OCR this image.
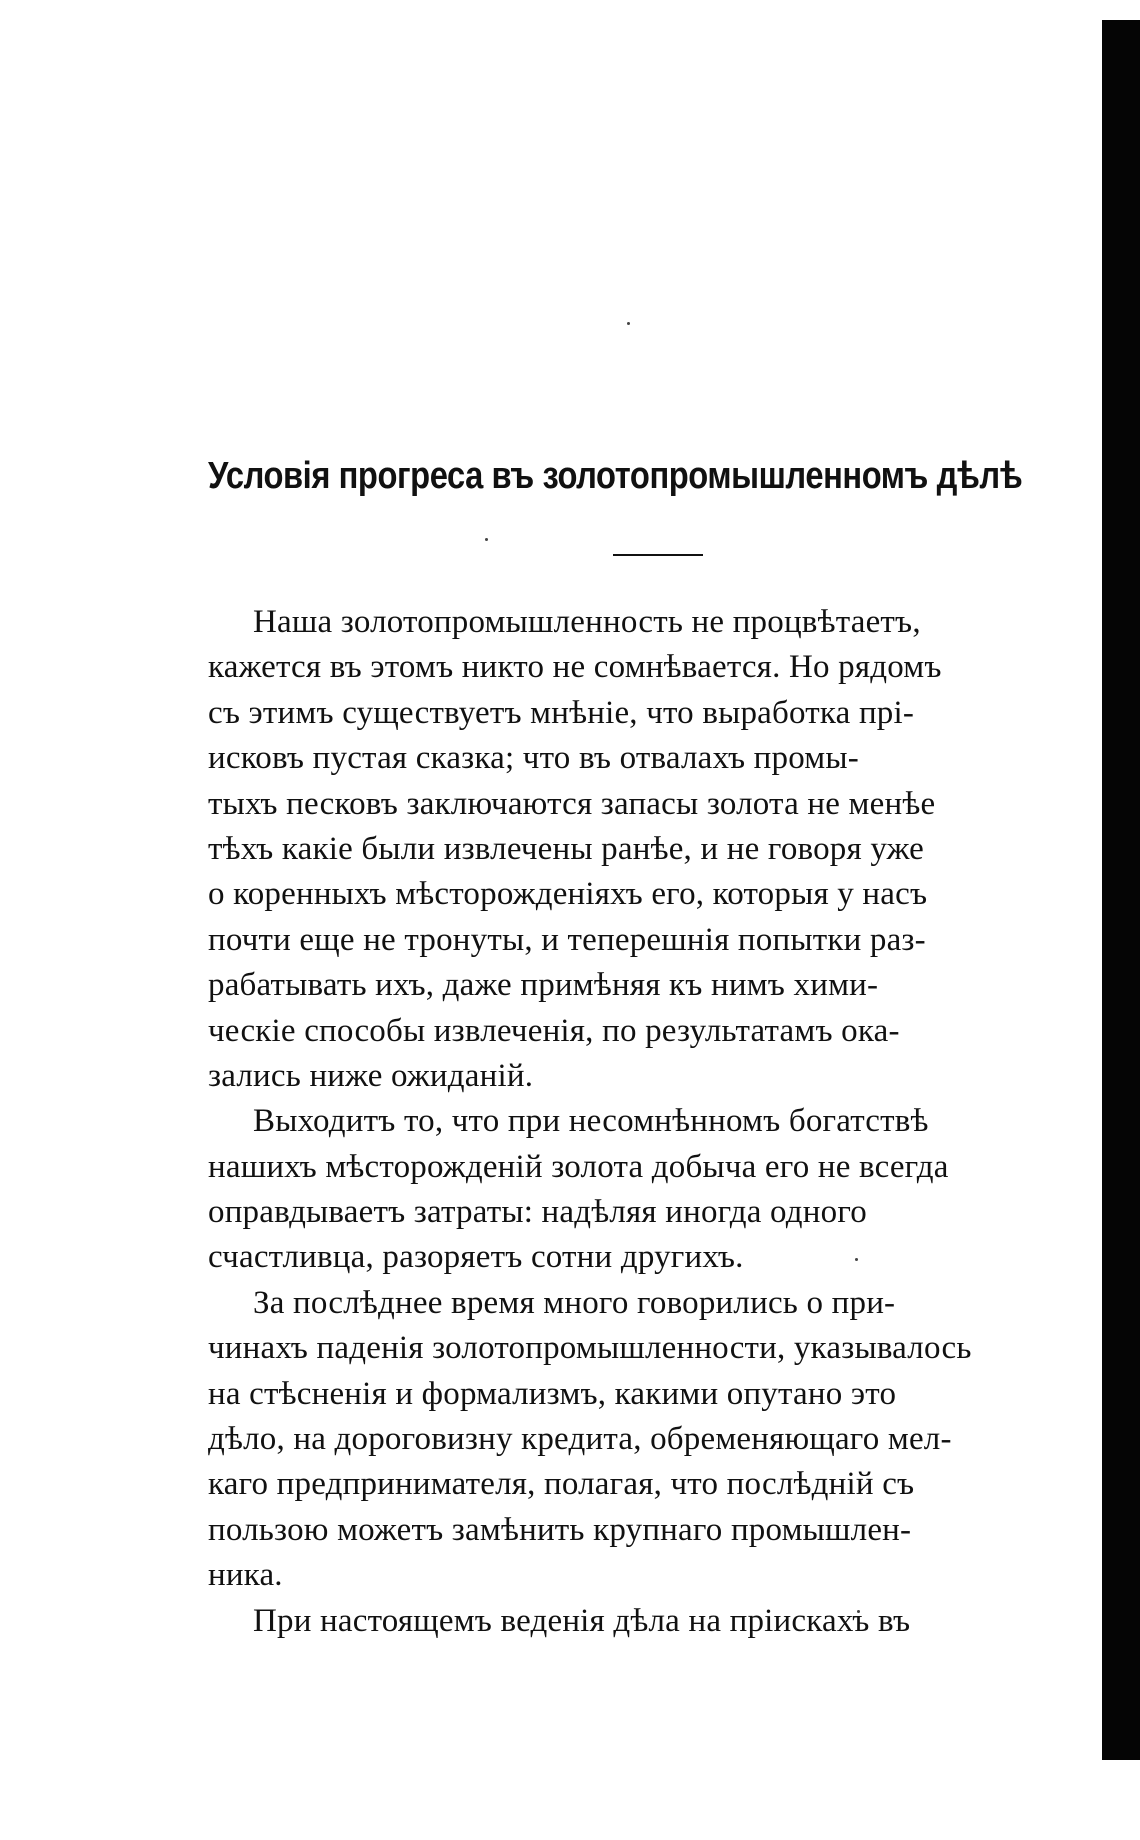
Условія прогреса въ золотопромышленномъ дѣлѣ
Наша золотопромышленность не процвѣтаетъ,
кажется въ этомъ никто не сомнѣвается. Но рядомъ
съ этимъ существуетъ мнѣніе, что выработка прі-
исковъ пустая сказка; что въ отвалахъ промы-
тыхъ песковъ заключаются запасы золота не менѣе
тѣхъ какіе были извлечены ранѣе, и не говоря уже
о коренныхъ мѣсторожденіяхъ его, которыя у насъ
почти еще не тронуты, и теперешнія попытки раз-
рабатывать ихъ, даже примѣняя къ нимъ хими-
ческіе способы извлеченія, по результатамъ ока-
зались ниже ожиданій.
Выходитъ то, что при несомнѣнномъ богатствѣ
нашихъ мѣсторожденій золота добыча его не всегда
оправдываетъ затраты: надѣляя иногда одного
счастливца, разоряетъ сотни другихъ.
За послѣднее время много говорились о при-
чинахъ паденія золотопромышленности, указывалось
на стѣсненія и формализмъ, какими опутано это
дѣло, на дороговизну кредита, обременяющаго мел-
каго предпринимателя, полагая, что послѣдній съ
пользою можетъ замѣнить крупнаго промышлен-
ника.
При настоящемъ веденія дѣла на пріискахъ въ
